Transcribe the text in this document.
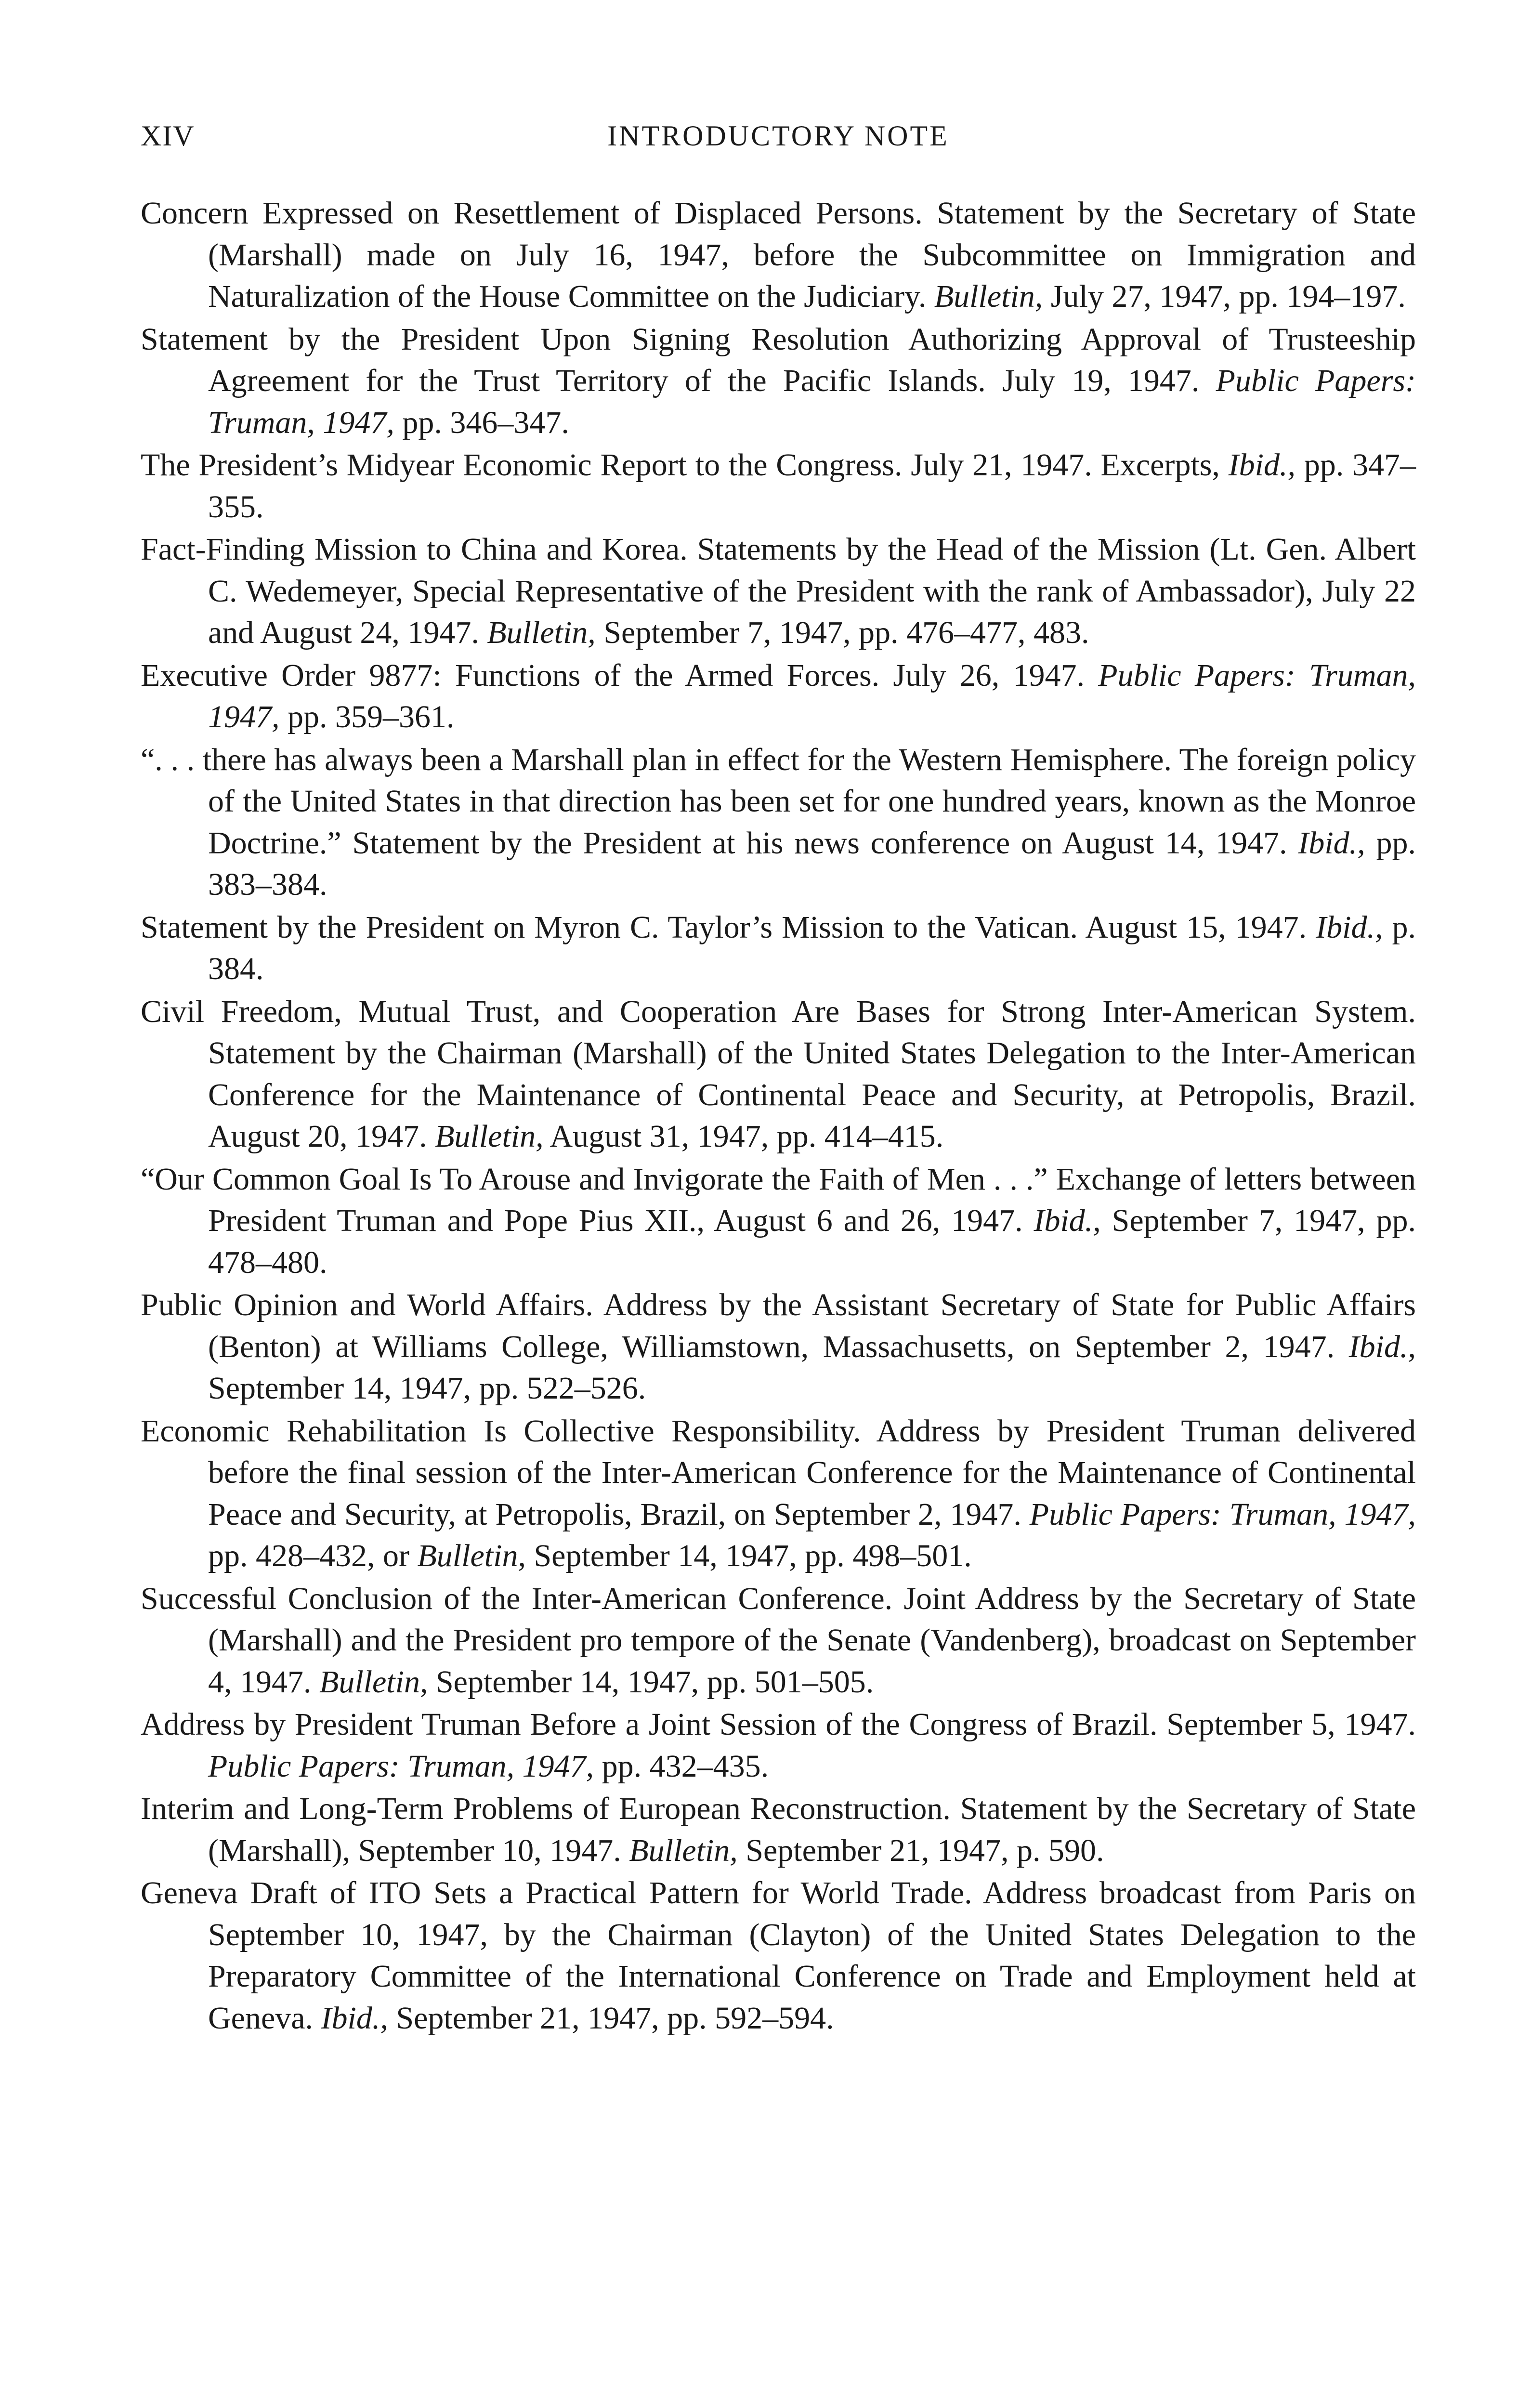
XIV	INTRODUCTORY NOTE

Concern Expressed on Resettlement of Displaced Persons. Statement by the Secretary of State (Marshall) made on July 16, 1947, before the Subcommittee on Immigration and Naturalization of the House Committee on the Judiciary. Bulletin, July 27, 1947, pp. 194–197.

Statement by the President Upon Signing Resolution Authorizing Approval of Trusteeship Agreement for the Trust Territory of the Pacific Islands. July 19, 1947. Public Papers: Truman, 1947, pp. 346–347.

The President’s Midyear Economic Report to the Congress. July 21, 1947. Excerpts, Ibid., pp. 347–355.

Fact-Finding Mission to China and Korea. Statements by the Head of the Mission (Lt. Gen. Albert C. Wedemeyer, Special Representative of the President with the rank of Ambassador), July 22 and August 24, 1947. Bulletin, September 7, 1947, pp. 476–477, 483.

Executive Order 9877: Functions of the Armed Forces. July 26, 1947. Public Papers: Truman, 1947, pp. 359–361.

“. . . there has always been a Marshall plan in effect for the Western Hemisphere. The foreign policy of the United States in that direction has been set for one hundred years, known as the Monroe Doctrine.” Statement by the President at his news conference on August 14, 1947. Ibid., pp. 383–384.

Statement by the President on Myron C. Taylor’s Mission to the Vatican. August 15, 1947. Ibid., p. 384.

Civil Freedom, Mutual Trust, and Cooperation Are Bases for Strong Inter-American System. Statement by the Chairman (Marshall) of the United States Delegation to the Inter-American Conference for the Maintenance of Continental Peace and Security, at Petropolis, Brazil. August 20, 1947. Bulletin, August 31, 1947, pp. 414–415.

“Our Common Goal Is To Arouse and Invigorate the Faith of Men . . .” Exchange of letters between President Truman and Pope Pius XII., August 6 and 26, 1947. Ibid., September 7, 1947, pp. 478–480.

Public Opinion and World Affairs. Address by the Assistant Secretary of State for Public Affairs (Benton) at Williams College, Williamstown, Massachusetts, on September 2, 1947. Ibid., September 14, 1947, pp. 522–526.

Economic Rehabilitation Is Collective Responsibility. Address by President Truman delivered before the final session of the Inter-American Conference for the Maintenance of Continental Peace and Security, at Petropolis, Brazil, on September 2, 1947. Public Papers: Truman, 1947, pp. 428–432, or Bulletin, September 14, 1947, pp. 498–501.

Successful Conclusion of the Inter-American Conference. Joint Address by the Secretary of State (Marshall) and the President pro tempore of the Senate (Vandenberg), broadcast on September 4, 1947. Bulletin, September 14, 1947, pp. 501–505.

Address by President Truman Before a Joint Session of the Congress of Brazil. September 5, 1947. Public Papers: Truman, 1947, pp. 432–435.

Interim and Long-Term Problems of European Reconstruction. Statement by the Secretary of State (Marshall), September 10, 1947. Bulletin, September 21, 1947, p. 590.

Geneva Draft of ITO Sets a Practical Pattern for World Trade. Address broadcast from Paris on September 10, 1947, by the Chairman (Clayton) of the United States Delegation to the Preparatory Committee of the International Conference on Trade and Employment held at Geneva. Ibid., September 21, 1947, pp. 592–594.
